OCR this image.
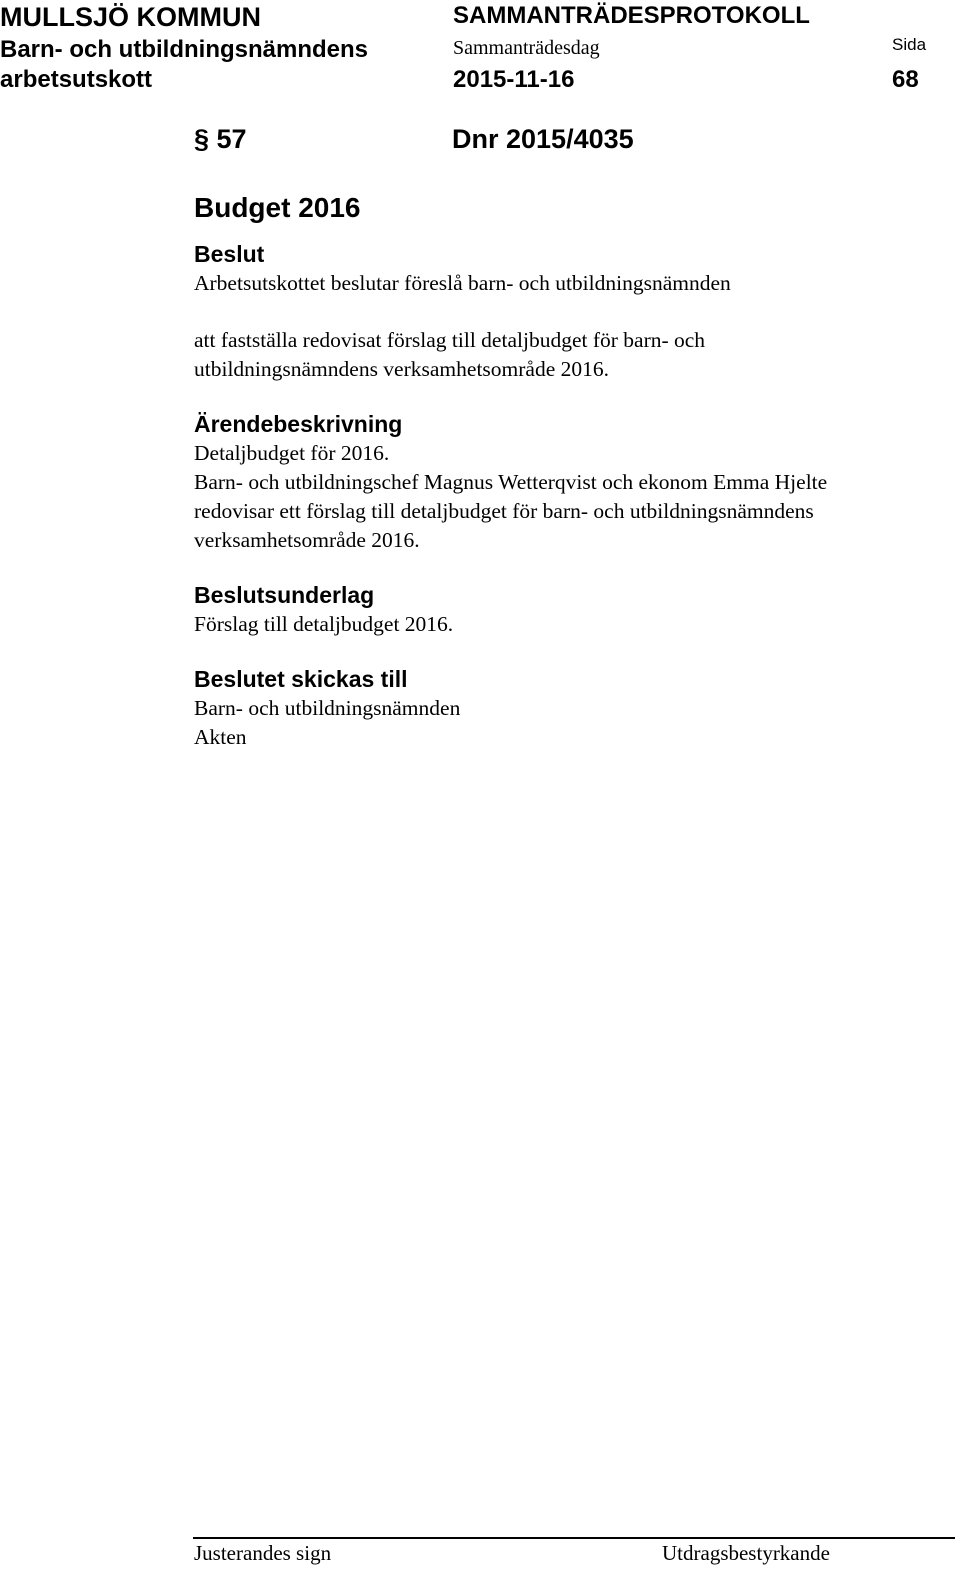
MULLSJÖ KOMMUN
Barn- och utbildningsnämndens
arbetsutskott
SAMMANTRÄDESPROTOKOLL
Sammanträdesdag
2015-11-16
Sida
68
§ 57	Dnr 2015/4035
Budget 2016
Beslut
Arbetsutskottet beslutar föreslå barn- och utbildningsnämnden
att fastställa redovisat förslag till detaljbudget för barn- och
utbildningsnämndens verksamhetsområde 2016.
Ärendebeskrivning
Detaljbudget för 2016.
Barn- och utbildningschef Magnus Wetterqvist och ekonom Emma Hjelte
redovisar ett förslag till detaljbudget för barn- och utbildningsnämndens
verksamhetsområde 2016.
Beslutsunderlag
Förslag till detaljbudget 2016.
Beslutet skickas till
Barn- och utbildningsnämnden
Akten
Justerandes sign	Utdragsbestyrkande
